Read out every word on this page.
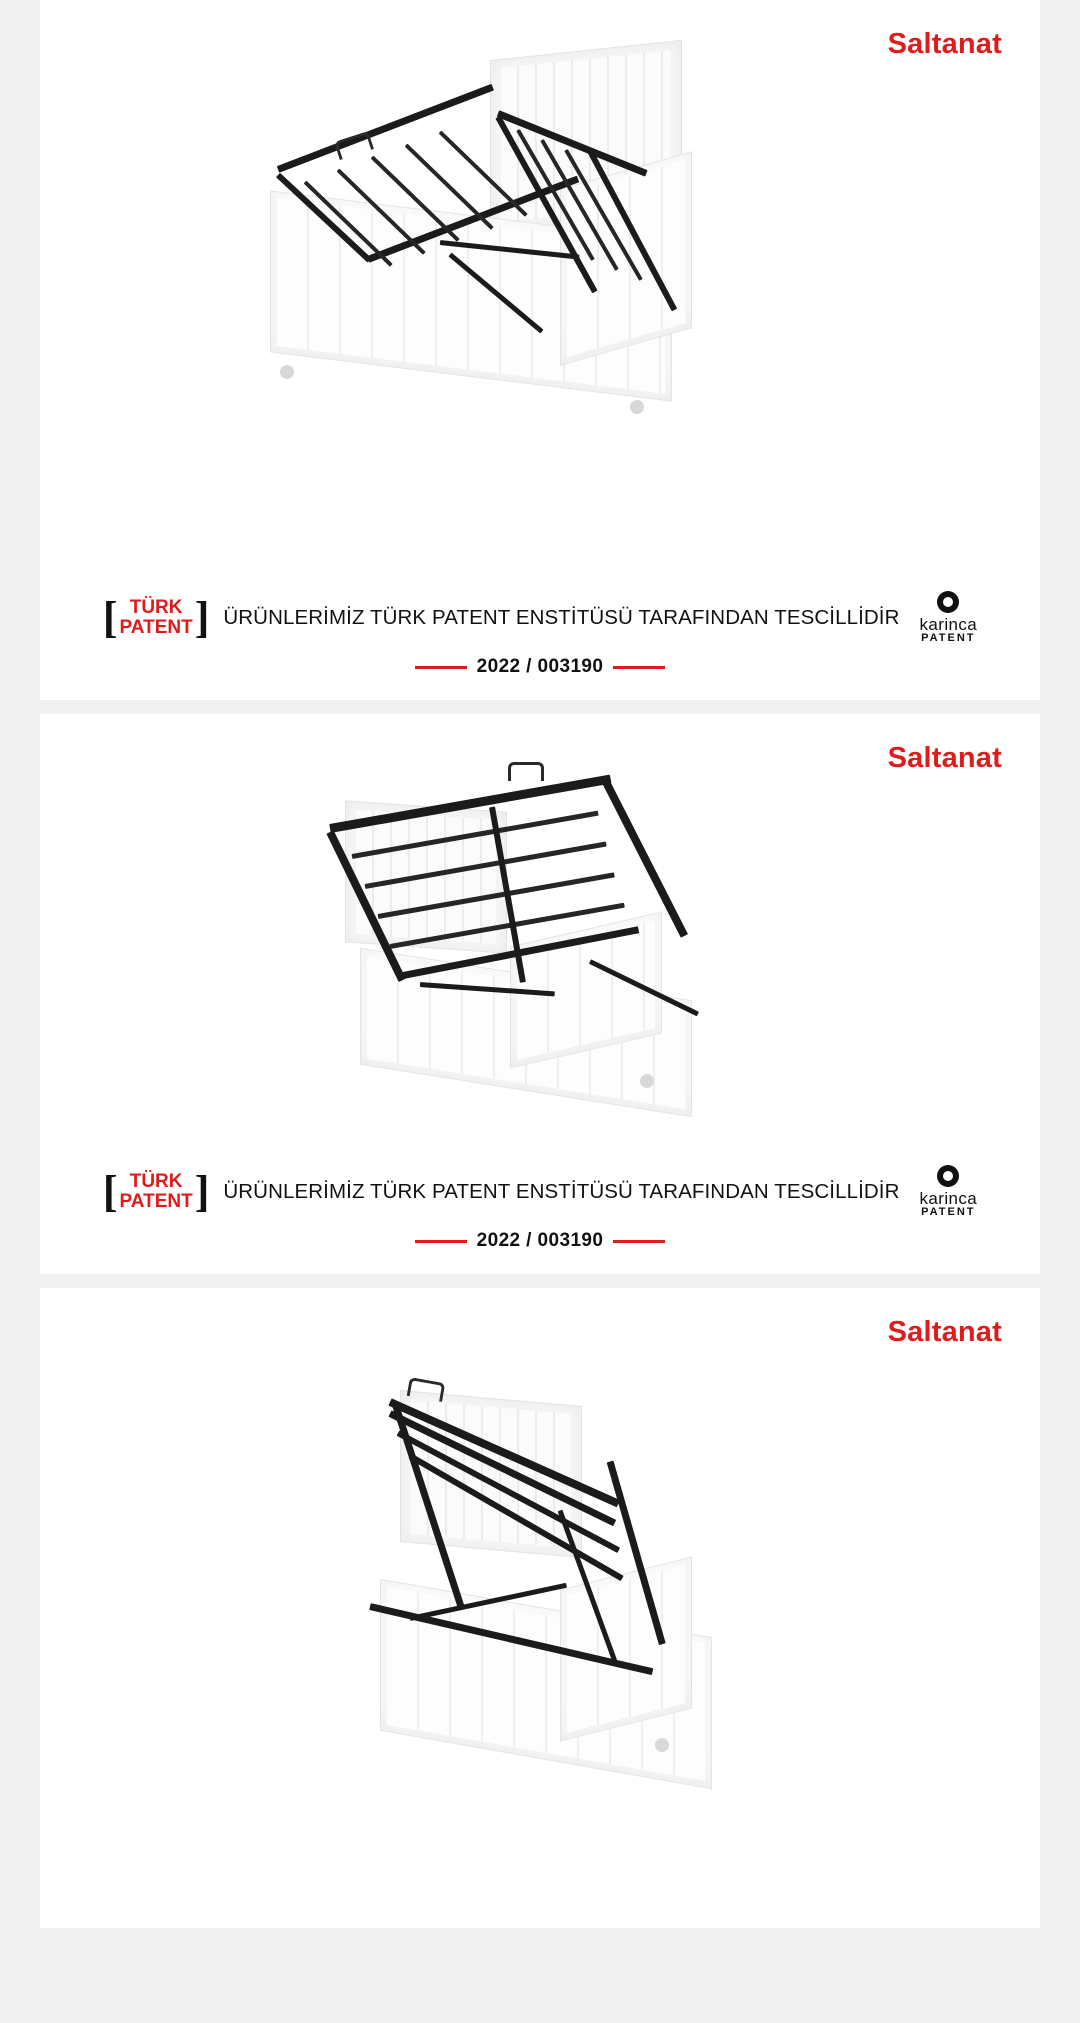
Saltanat
[ TÜRK
PATENT ] ÜRÜNLERİMİZ TÜRK PATENT ENSTİTÜSÜ TARAFINDAN TESCİLLİDİR karinca
PATENT
2022 / 003190
Saltanat
[ TÜRK
PATENT ] ÜRÜNLERİMİZ TÜRK PATENT ENSTİTÜSÜ TARAFINDAN TESCİLLİDİR karinca
PATENT
2022 / 003190
Saltanat
